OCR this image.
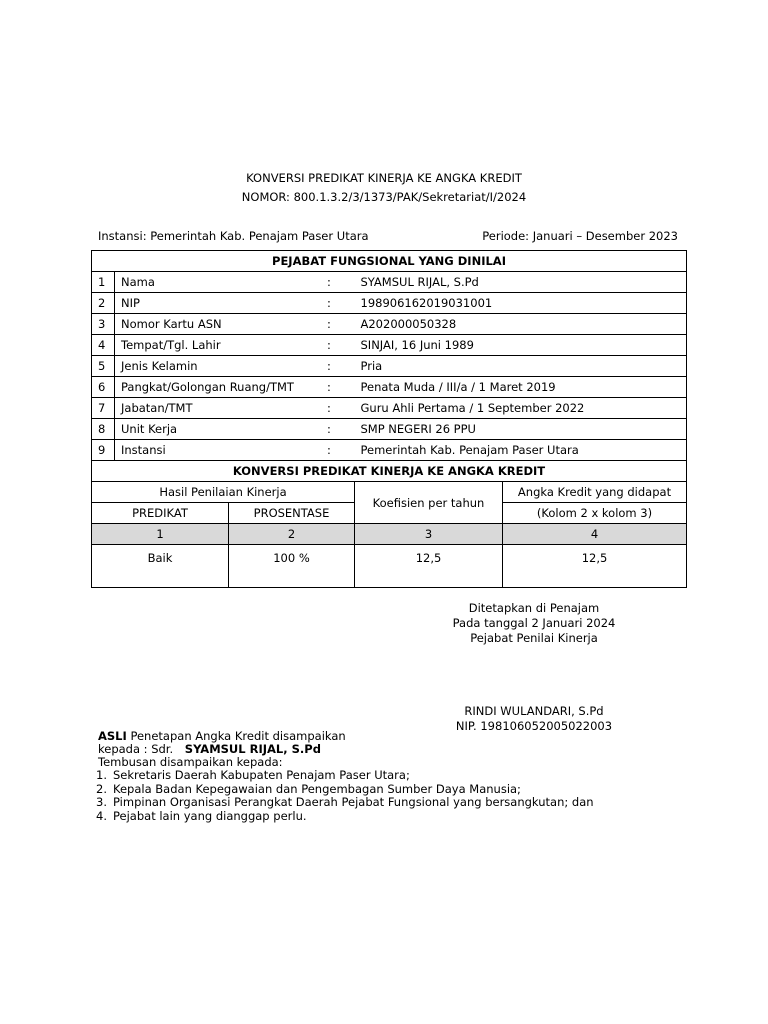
KONVERSI PREDIKAT KINERJA KE ANGKA KREDIT
NOMOR: 800.1.3.2/3/1373/PAK/Sekretariat/I/2024
Instansi: Pemerintah Kab. Penajam Paser Utara	Periode: Januari – Desember 2023
PEJABAT FUNGSIONAL YANG DINILAI				
1	Nama :		SYAMSUL RIJAL, S.Pd	
2	NIP :		198906162019031001	
3	Nomor Kartu ASN :		A202000050328	
4	Tempat/Tgl. Lahir :		SINJAI, 16 Juni 1989	
5	Jenis Kelamin :		Pria	
6	Pangkat/Golongan Ruang/TMT :		Penata Muda / III/a / 1 Maret 2019	
7	Jabatan/TMT :		Guru Ahli Pertama / 1 September 2022	
8	Unit Kerja :		SMP NEGERI 26 PPU	
9	Instansi :		Pemerintah Kab. Penajam Paser Utara	
KONVERSI PREDIKAT KINERJA KE ANGKA KREDIT				
Hasil Penilaian Kinerja			Koefisien per tahun	Angka Kredit yang didapat
PREDIKAT		PROSENTASE		(Kolom 2 x kolom 3)
1		2	3	4
Baik		100 %	12,5	12,5
Ditetapkan di Penajam
Pada tanggal 2 Januari 2024
Pejabat Penilai Kinerja
RINDI WULANDARI, S.Pd
NIP. 198106052005022003
ASLI Penetapan Angka Kredit disampaikan
kepada : Sdr. SYAMSUL RIJAL, S.Pd
Tembusan disampaikan kepada:
1. Sekretaris Daerah Kabupaten Penajam Paser Utara;
2. Kepala Badan Kepegawaian dan Pengembagan Sumber Daya Manusia;
3. Pimpinan Organisasi Perangkat Daerah Pejabat Fungsional yang bersangkutan; dan
4. Pejabat lain yang dianggap perlu.
